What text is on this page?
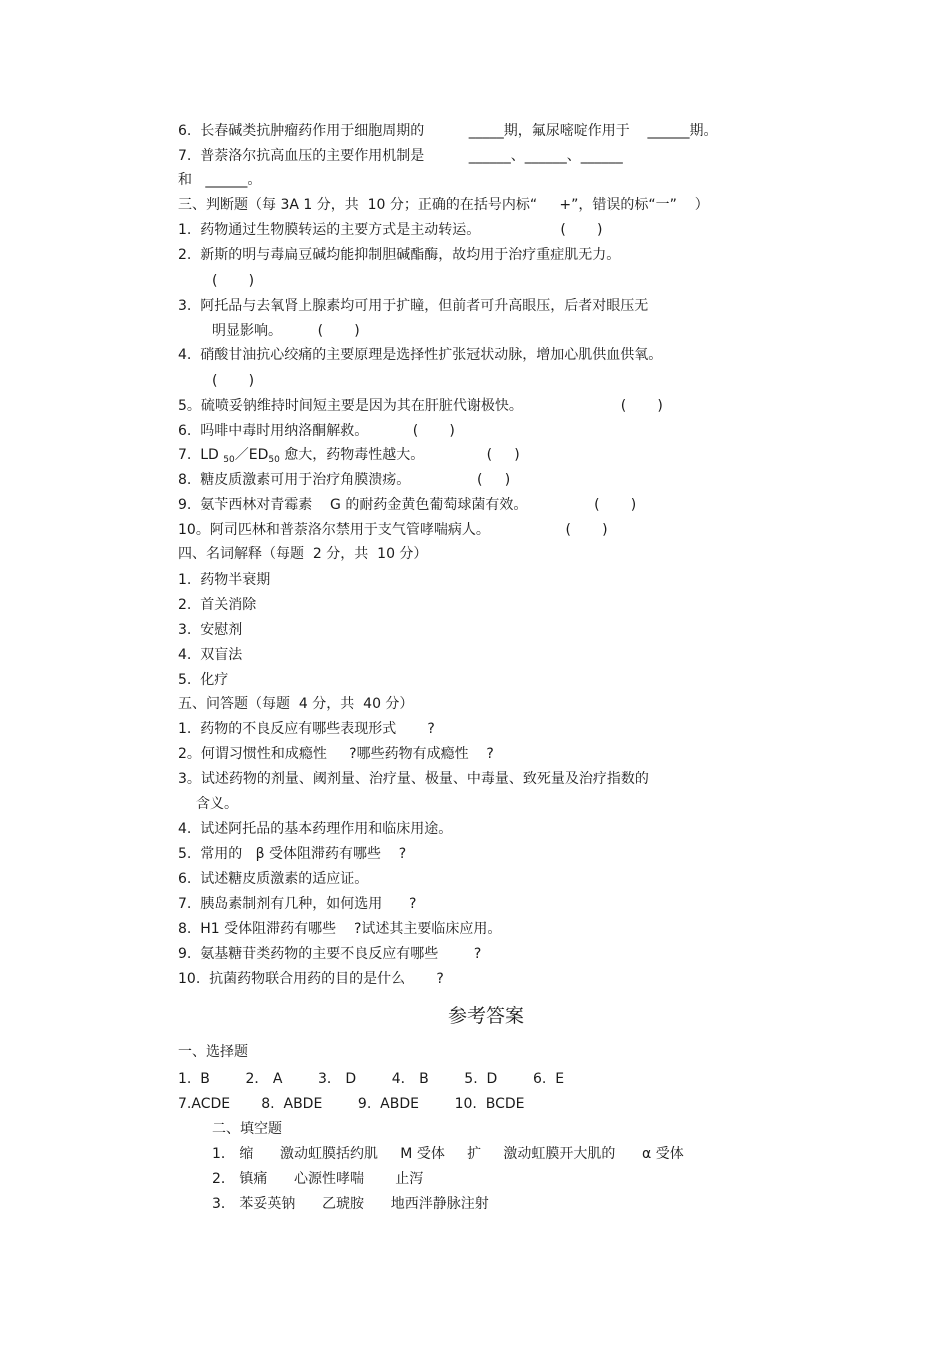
6.  长春碱类抗肿瘤药作用于细胞周期的          _____期，氟尿嘧啶作用于    ______期。
7.  普萘洛尔抗高血压的主要作用机制是          ______、______、______
和   ______。
三、判断题（每 3A 1 分，共  10 分；正确的在括号内标“     +”，错误的标“一”    ）
1.  药物通过生物膜转运的主要方式是主动转运。                  (       )
2.  新斯的明与毒扁豆碱均能抑制胆碱酯酶，故均用于治疗重症肌无力。
(       )
3.  阿托品与去氧肾上腺素均可用于扩瞳，但前者可升高眼压，后者对眼压无
明显影响。        (       )
4.  硝酸甘油抗心绞痛的主要原理是选择性扩张冠状动脉，增加心肌供血供氧。
(       )
5。硫喷妥钠维持时间短主要是因为其在肝脏代谢极快。                      (       )
6.  吗啡中毒时用纳洛酮解救。          (       )
7.  LD $_{50}/ED_{50}$ 愈大，药物毒性越大。              (     )
8.  糖皮质激素可用于治疗角膜溃疡。               (     )
9.  氨苄西林对青霉素    G 的耐药金黄色葡萄球菌有效。               (       )
10。阿司匹林和普萘洛尔禁用于支气管哮喘病人。                 (       )
四、名词解释（每题  2 分，共  10 分）
1.  药物半衰期
2.  首关消除
3.  安慰剂
4.  双盲法
5.  化疗
五、问答题（每题  4 分，共  40 分）
1.  药物的不良反应有哪些表现形式       ?
2。何谓习惯性和成瘾性     ?哪些药物有成瘾性    ?
3。试述药物的剂量、阈剂量、治疗量、极量、中毒量、致死量及治疗指数的
含义。
4.  试述阿托品的基本药理作用和临床用途。
5.  常用的   β 受体阻滞药有哪些    ?
6.  试述糖皮质激素的适应证。
7.  胰岛素制剂有几种，如何选用      ?
8.  H1 受体阻滞药有哪些    ?试述其主要临床应用。
9.  氨基糖苷类药物的主要不良反应有哪些        ?
10.  抗菌药物联合用药的目的是什么       ?
参考答案
一、选择题
1.  B        2． A        3． D        4． B        5.  D        6.  E
7.ACDE       8.  ABDE        9.  ABDE        10.  BCDE
二、填空题
1． 缩      激动虹膜括约肌     M 受体     扩     激动虹膜开大肌的      α 受体
2． 镇痛      心源性哮喘       止泻
3． 苯妥英钠      乙琥胺      地西泮静脉注射
